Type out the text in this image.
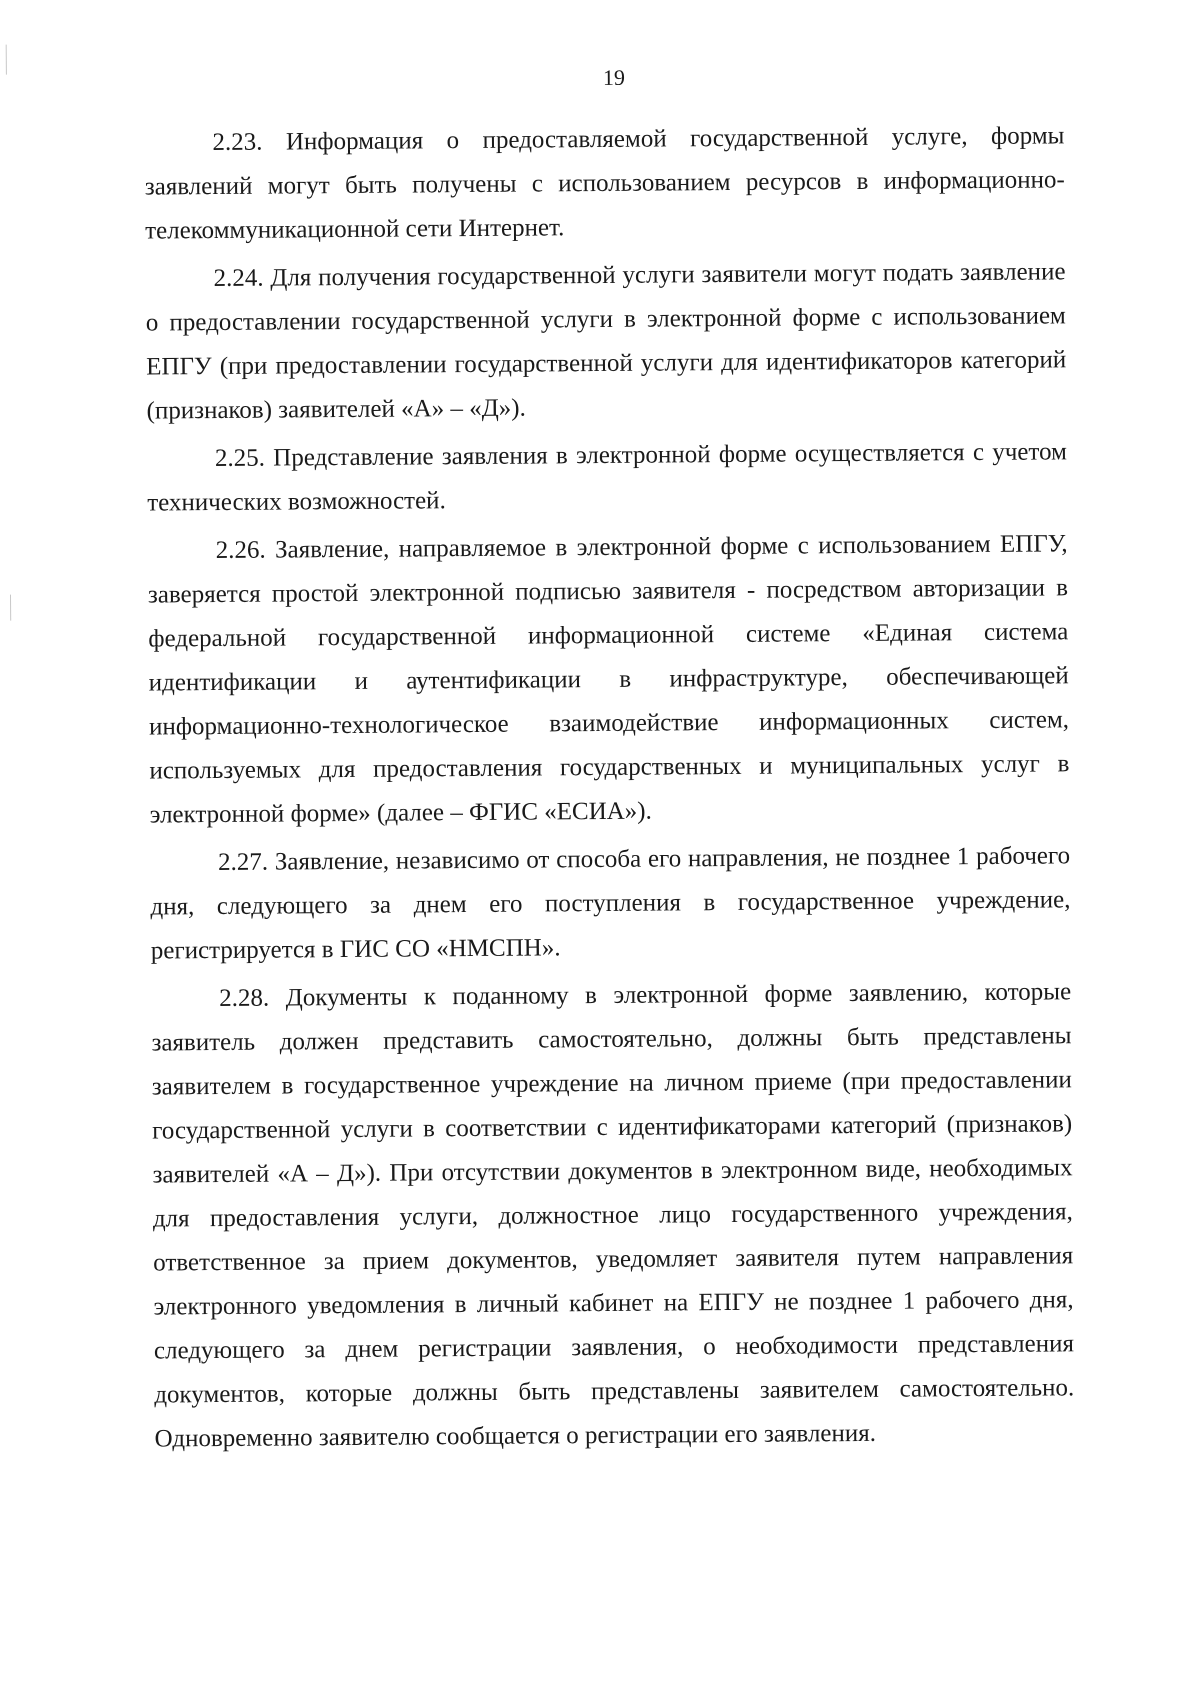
19

2.23. Информация о предоставляемой государственной услуге, формы заявлений могут быть получены с использованием ресурсов в информационно-телекоммуникационной сети Интернет.

2.24. Для получения государственной услуги заявители могут подать заявление о предоставлении государственной услуги в электронной форме с использованием ЕПГУ (при предоставлении государственной услуги для идентификаторов категорий (признаков) заявителей «А» – «Д»).

2.25. Представление заявления в электронной форме осуществляется с учетом технических возможностей.

2.26. Заявление, направляемое в электронной форме с использованием ЕПГУ, заверяется простой электронной подписью заявителя - посредством авторизации в федеральной государственной информационной системе «Единая система идентификации и аутентификации в инфраструктуре, обеспечивающей информационно-технологическое взаимодействие информационных систем, используемых для предоставления государственных и муниципальных услуг в электронной форме» (далее – ФГИС «ЕСИА»).

2.27. Заявление, независимо от способа его направления, не позднее 1 рабочего дня, следующего за днем его поступления в государственное учреждение, регистрируется в ГИС СО «НМСПН».

2.28. Документы к поданному в электронной форме заявлению, которые заявитель должен представить самостоятельно, должны быть представлены заявителем в государственное учреждение на личном приеме (при предоставлении государственной услуги в соответствии с идентификаторами категорий (признаков) заявителей «А – Д»). При отсутствии документов в электронном виде, необходимых для предоставления услуги, должностное лицо государственного учреждения, ответственное за прием документов, уведомляет заявителя путем направления электронного уведомления в личный кабинет на ЕПГУ не позднее 1 рабочего дня, следующего за днем регистрации заявления, о необходимости представления документов, которые должны быть представлены заявителем самостоятельно. Одновременно заявителю сообщается о регистрации его заявления.
